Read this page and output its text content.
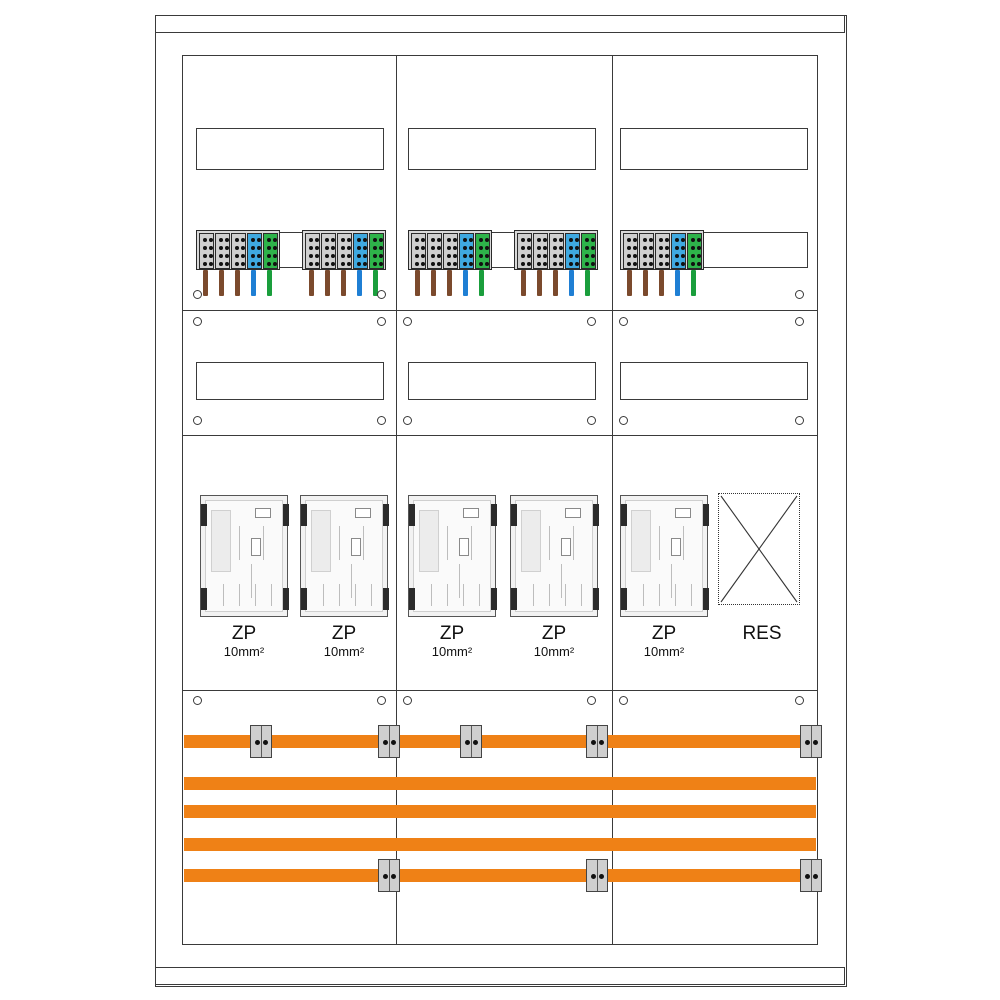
ZP
10mm²
ZP
10mm²
ZP
10mm²
ZP
10mm²
ZP
10mm²
RES
